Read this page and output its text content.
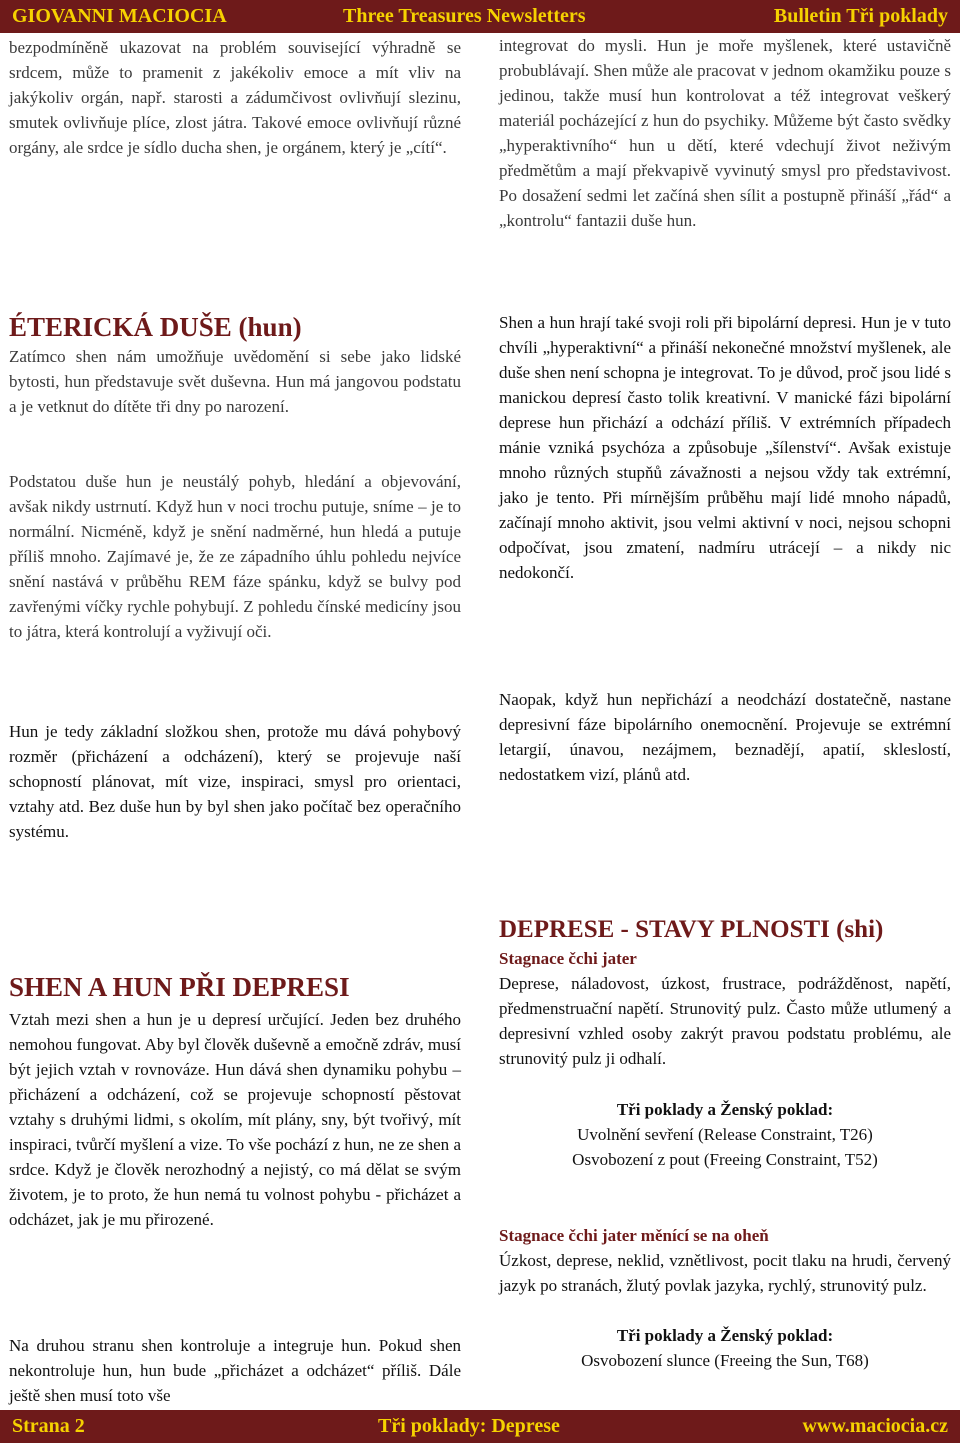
GIOVANNI MACIOCIA	Three Treasures Newsletters	Bulletin Tři poklady

bezpodmíněně ukazovat na problém související výhradně se srdcem, může to pramenit z jakékoliv emoce a mít vliv na jakýkoliv orgán, např. starosti a zádumčivost ovlivňují slezinu, smutek ovlivňuje plíce, zlost játra. Takové emoce ovlivňují různé orgány, ale srdce je sídlo ducha shen, je orgánem, který je „cítí“.

ÉTERICKÁ DUŠE (hun)

Zatímco shen nám umožňuje uvědomění si sebe jako lidské bytosti, hun představuje svět duševna. Hun má jangovou podstatu a je vetknut do dítěte tři dny po narození.

Podstatou duše hun je neustálý pohyb, hledání a objevování, avšak nikdy ustrnutí. Když hun v noci trochu putuje, sníme – je to normální. Nicméně, když je snění nadměrné, hun hledá a putuje příliš mnoho. Zajímavé je, že ze západního úhlu pohledu nejvíce snění nastává v průběhu REM fáze spánku, když se bulvy pod zavřenými víčky rychle pohybují. Z pohledu čínské medicíny jsou to játra, která kontrolují a vyživují oči.

Hun je tedy základní složkou shen, protože mu dává pohybový rozměr (přicházení a odcházení), který se projevuje naší schopností plánovat, mít vize, inspiraci, smysl pro orientaci, vztahy atd. Bez duše hun by byl shen jako počítač bez operačního systému.

SHEN A HUN PŘI DEPRESI

Vztah mezi shen a hun je u depresí určující. Jeden bez druhého nemohou fungovat. Aby byl člověk duševně a emočně zdráv, musí být jejich vztah v rovnováze. Hun dává shen dynamiku pohybu – přicházení a odcházení, což se projevuje schopností pěstovat vztahy s druhými lidmi, s okolím, mít plány, sny, být tvořivý, mít inspiraci, tvůrčí myšlení a vize. To vše pochází z hun, ne ze shen a srdce. Když je člověk nerozhodný a nejistý, co má dělat se svým životem, je to proto, že hun nemá tu volnost pohybu - přicházet a odcházet, jak je mu přirozené.

Na druhou stranu shen kontroluje a integruje hun. Pokud shen nekontroluje hun, hun bude „přicházet a odcházet“ příliš. Dále ještě shen musí toto vše

integrovat do mysli. Hun je moře myšlenek, které ustavičně probublávají. Shen může ale pracovat v jednom okamžiku pouze s jedinou, takže musí hun kontrolovat a též integrovat veškerý materiál pocházející z hun do psychiky. Můžeme být často svědky „hyperaktivního“ hun u dětí, které vdechují život neživým předmětům a mají překvapivě vyvinutý smysl pro představivost. Po dosažení sedmi let začíná shen sílit a postupně přináší „řád“ a „kontrolu“ fantazii duše hun.

Shen a hun hrají také svoji roli při bipolární depresi. Hun je v tuto chvíli „hyperaktivní“ a přináší nekonečné množství myšlenek, ale duše shen není schopna je integrovat. To je důvod, proč jsou lidé s manickou depresí často tolik kreativní. V manické fázi bipolární deprese hun přichází a odchází příliš. V extrémních případech mánie vzniká psychóza a způsobuje „šílenství“. Avšak existuje mnoho různých stupňů závažnosti a nejsou vždy tak extrémní, jako je tento. Při mírnějším průběhu mají lidé mnoho nápadů, začínají mnoho aktivit, jsou velmi aktivní v noci, nejsou schopni odpočívat, jsou zmatení, nadmíru utrácejí – a nikdy nic nedokončí.

Naopak, když hun nepřichází a neodchází dostatečně, nastane depresivní fáze bipolárního onemocnění. Projevuje se extrémní letargií, únavou, nezájmem, beznadějí, apatií, skleslostí, nedostatkem vizí, plánů atd.

DEPRESE - STAVY PLNOSTI (shi)
Stagnace čchi jater

Deprese, náladovost, úzkost, frustrace, podrážděnost, napětí, předmenstruační napětí. Strunovitý pulz. Často může utlumený a depresivní vzhled osoby zakrýt pravou podstatu problému, ale strunovitý pulz ji odhalí.

Tři poklady a Ženský poklad:
Uvolnění sevření (Release Constraint, T26)
Osvobození z pout (Freeing Constraint, T52)
Stagnace čchi jater měnící se na oheň

Úzkost, deprese, neklid, vznětlivost, pocit tlaku na hrudi, červený jazyk po stranách, žlutý povlak jazyka, rychlý, strunovitý pulz.

Tři poklady a Ženský poklad:
Osvobození slunce (Freeing the Sun, T68)
Strana 2	Tři poklady: Deprese	www.maciocia.cz
